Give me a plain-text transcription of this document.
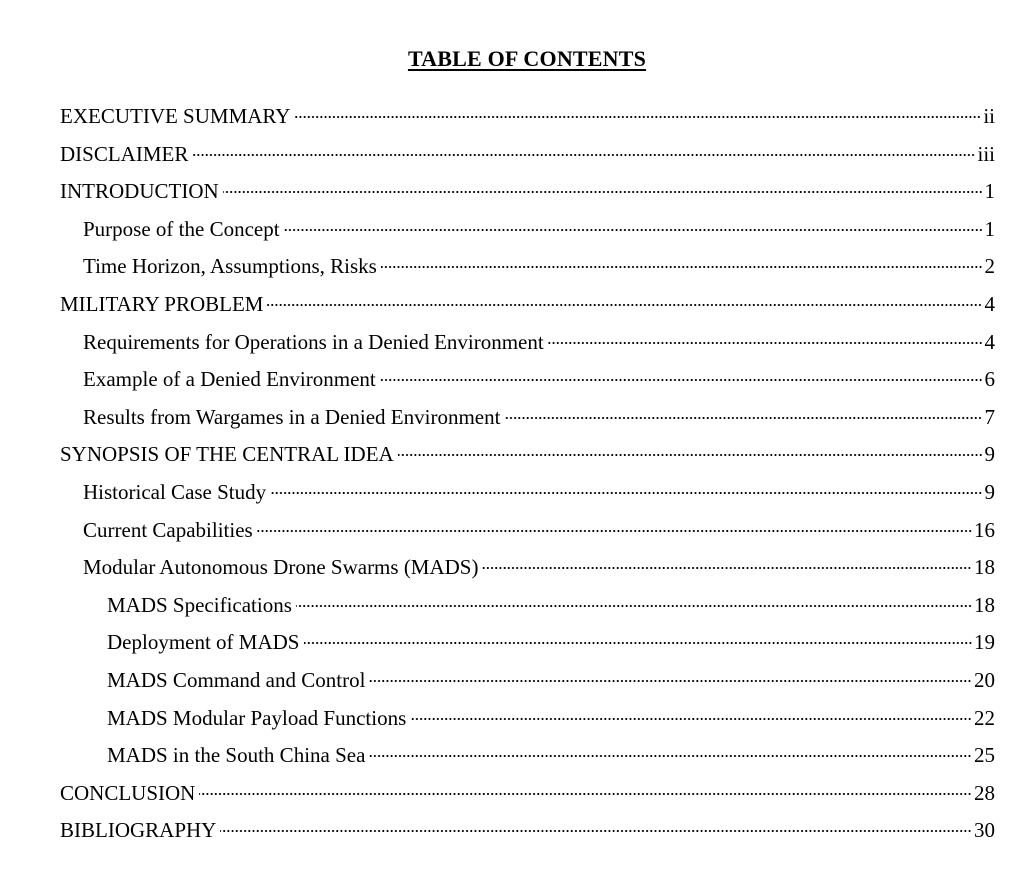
TABLE OF CONTENTS
EXECUTIVE SUMMARY	ii
DISCLAIMER	iii
INTRODUCTION	1
Purpose of the Concept	1
Time Horizon, Assumptions, Risks	2
MILITARY PROBLEM	4
Requirements for Operations in a Denied Environment	4
Example of a Denied Environment	6
Results from Wargames in a Denied Environment	7
SYNOPSIS OF THE CENTRAL IDEA	9
Historical Case Study	9
Current Capabilities	16
Modular Autonomous Drone Swarms (MADS)	18
MADS Specifications	18
Deployment of MADS	19
MADS Command and Control	20
MADS Modular Payload Functions	22
MADS in the South China Sea	25
CONCLUSION	28
BIBLIOGRAPHY	30
